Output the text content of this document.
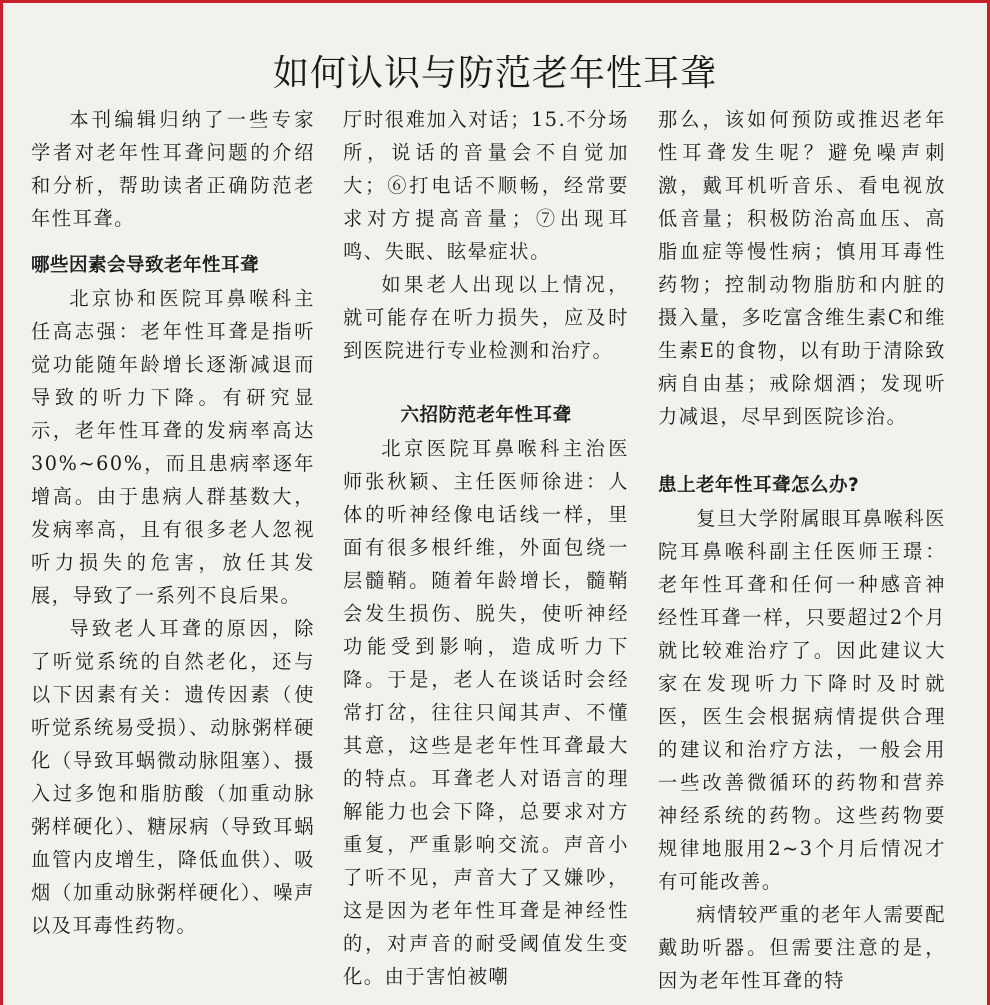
如何认识与防范老年性耳聋

本刊编辑归纳了一些专家学者对老年性耳聋问题的介绍和分析，帮助读者正确防范老年性耳聋。

哪些因素会导致老年性耳聋

北京协和医院耳鼻喉科主任高志强：老年性耳聋是指听觉功能随年龄增长逐渐减退而导致的听力下降。有研究显示，老年性耳聋的发病率高达30%~60%，而且患病率逐年增高。由于患病人群基数大，发病率高，且有很多老人忽视听力损失的危害，放任其发展，导致了一系列不良后果。

导致老人耳聋的原因，除了听觉系统的自然老化，还与以下因素有关：遗传因素（使听觉系统易受损）、动脉粥样硬化（导致耳蜗微动脉阻塞）、摄入过多饱和脂肪酸（加重动脉粥样硬化）、糖尿病（导致耳蜗血管内皮增生，降低血供）、吸烟（加重动脉粥样硬化）、噪声以及耳毒性药物。

厅时很难加入对话；15.不分场所，说话的音量会不自觉加大；⑥打电话不顺畅，经常要求对方提高音量；⑦出现耳鸣、失眠、眩晕症状。

如果老人出现以上情况，就可能存在听力损失，应及时到医院进行专业检测和治疗。

六招防范老年性耳聋

北京医院耳鼻喉科主治医师张秋颖、主任医师徐进：人体的听神经像电话线一样，里面有很多根纤维，外面包绕一层髓鞘。随着年龄增长，髓鞘会发生损伤、脱失，使听神经功能受到影响，造成听力下降。于是，老人在谈话时会经常打岔，往往只闻其声、不懂其意，这些是老年性耳聋最大的特点。耳聋老人对语言的理解能力也会下降，总要求对方重复，严重影响交流。声音小了听不见，声音大了又嫌吵，这是因为老年性耳聋是神经性的，对声音的耐受阈值发生变化。由于害怕被嘲

那么，该如何预防或推迟老年性耳聋发生呢？避免噪声刺激，戴耳机听音乐、看电视放低音量；积极防治高血压、高脂血症等慢性病；慎用耳毒性药物；控制动物脂肪和内脏的摄入量，多吃富含维生素C和维生素E的食物，以有助于清除致病自由基；戒除烟酒；发现听力减退，尽早到医院诊治。

患上老年性耳聋怎么办?

复旦大学附属眼耳鼻喉科医院耳鼻喉科副主任医师王璟：老年性耳聋和任何一种感音神经性耳聋一样，只要超过2个月就比较难治疗了。因此建议大家在发现听力下降时及时就医，医生会根据病情提供合理的建议和治疗方法，一般会用一些改善微循环的药物和营养神经系统的药物。这些药物要规律地服用2~3个月后情况才有可能改善。

病情较严重的老年人需要配戴助听器。但需要注意的是，因为老年性耳聋的特
